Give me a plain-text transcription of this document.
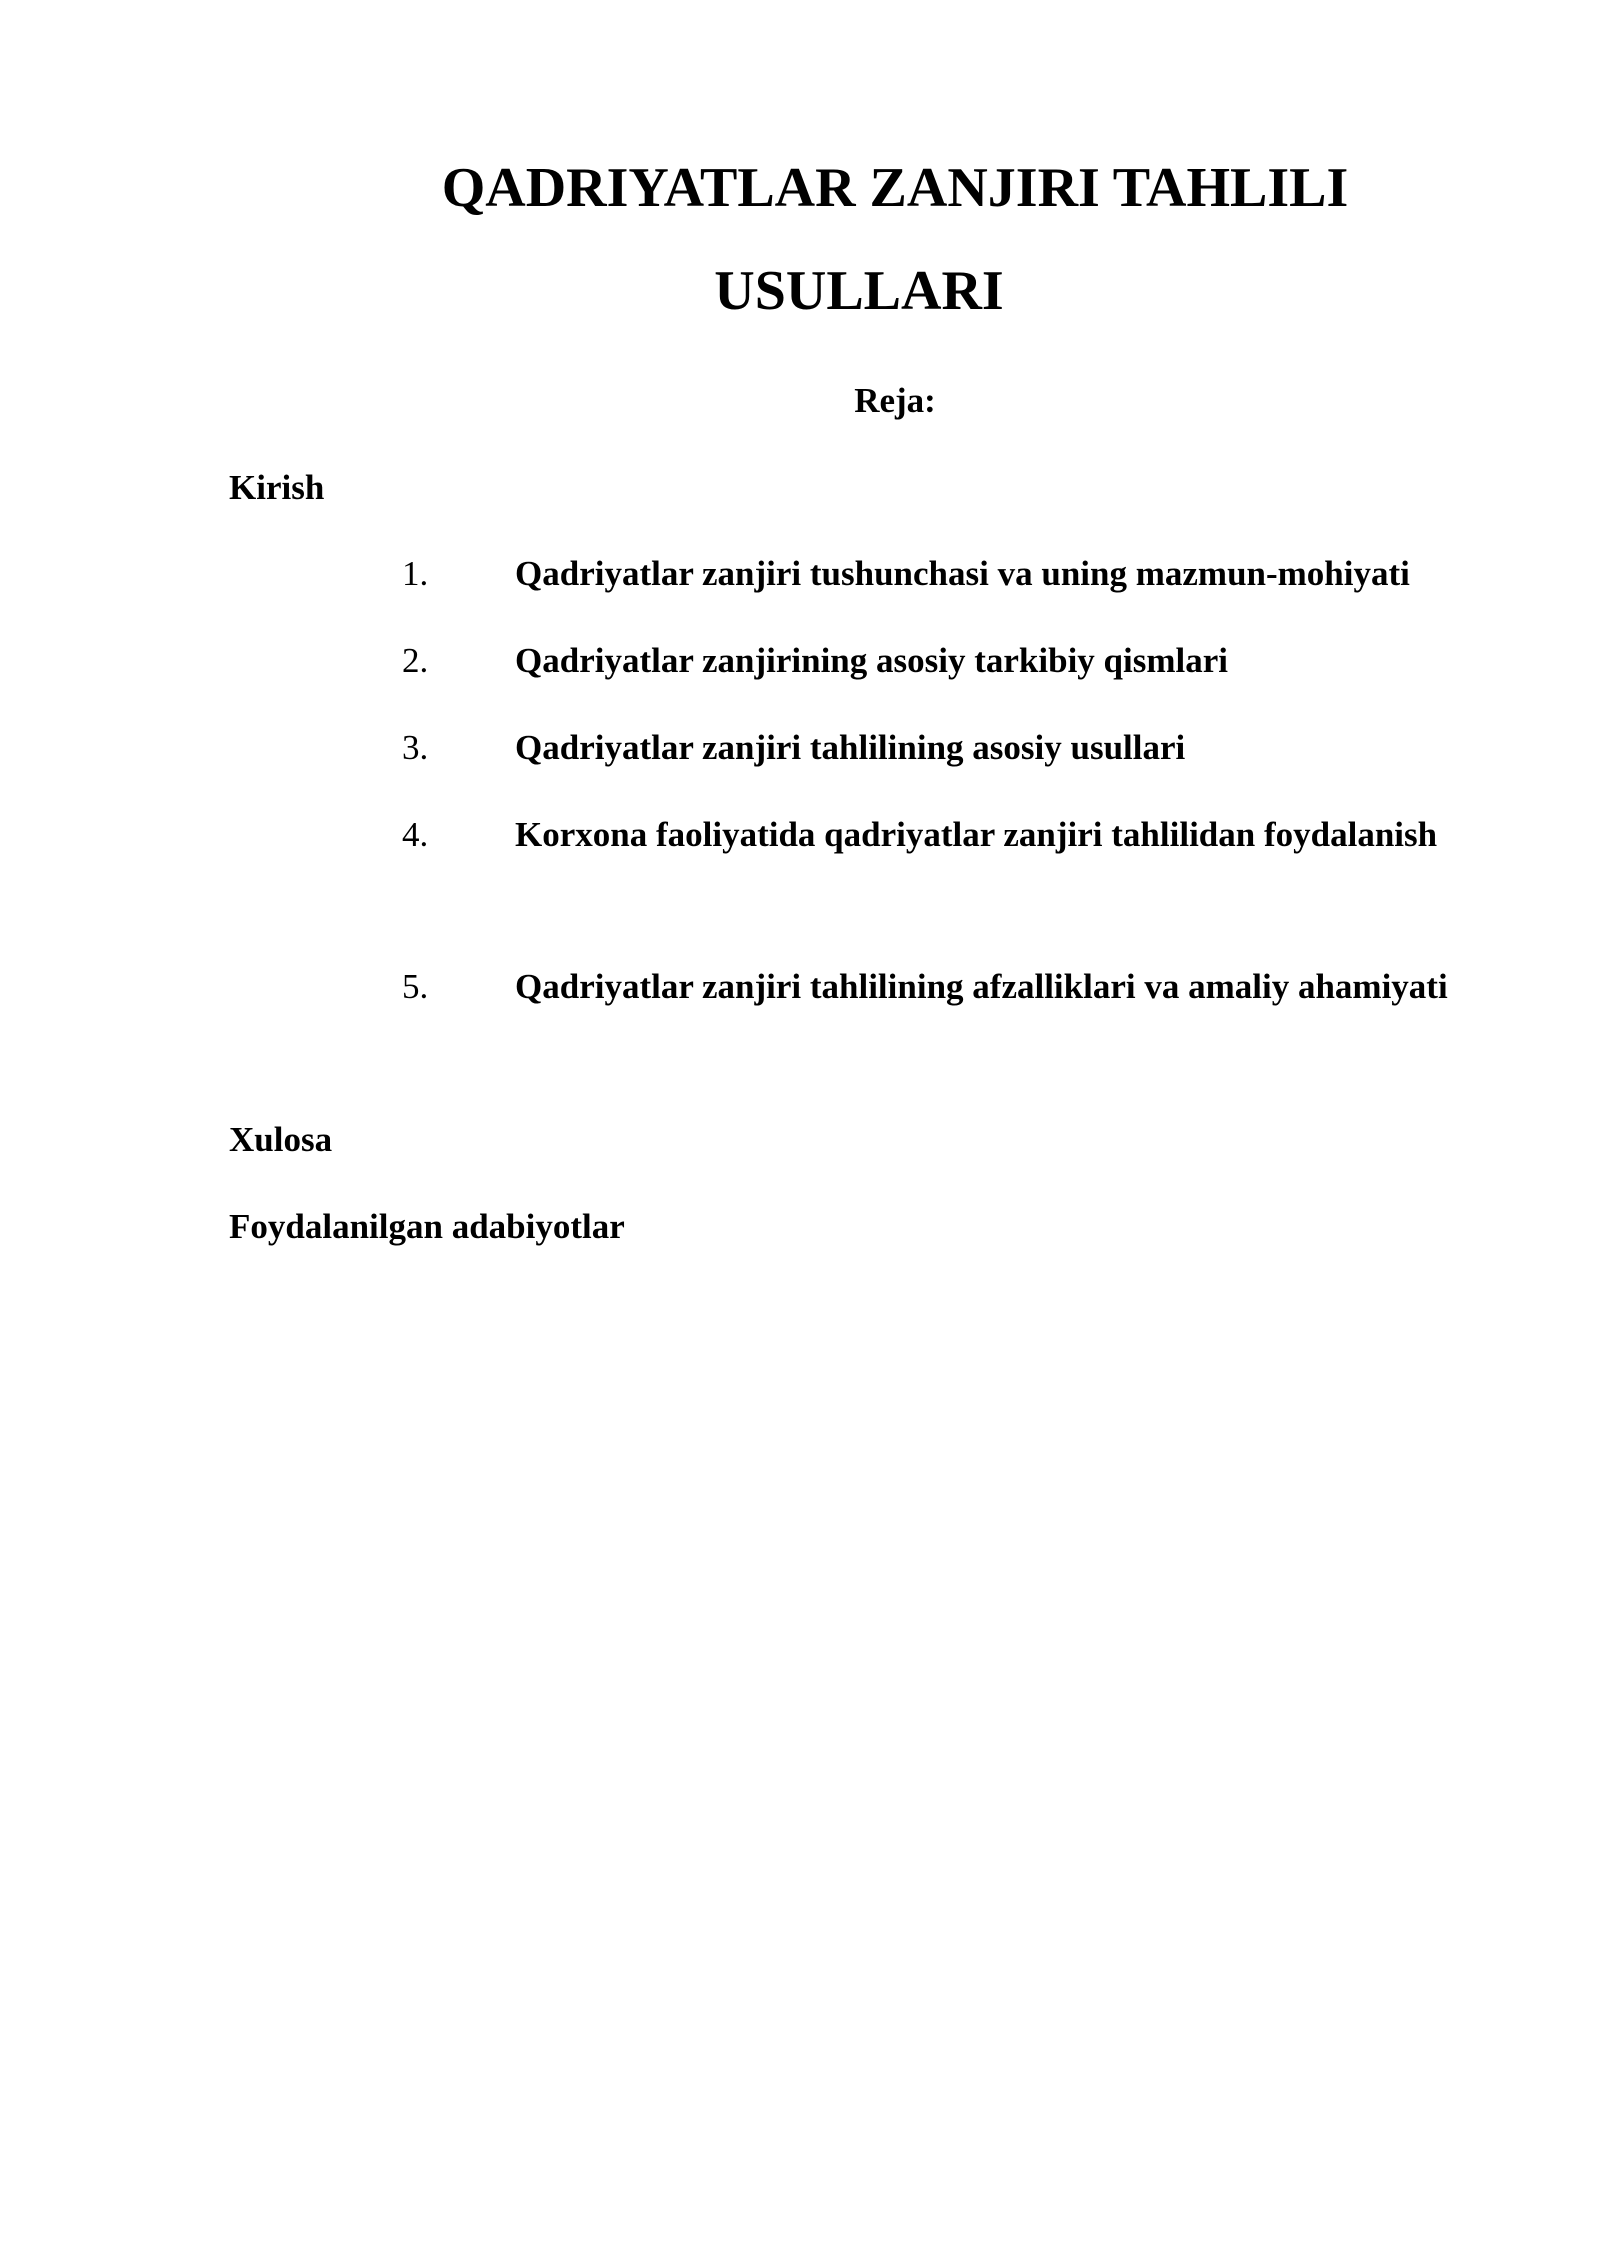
QADRIYATLAR ZANJIRI TAHLILI
USULLARI
Reja:
Kirish
1.	Qadriyatlar zanjiri tushunchasi va uning mazmun-mohiyati
2.	Qadriyatlar zanjirining asosiy tarkibiy qismlari
3.	Qadriyatlar zanjiri tahlilining asosiy usullari
4.	Korxona faoliyatida qadriyatlar zanjiri tahlilidan foydalanish
5.	Qadriyatlar zanjiri tahlilining afzalliklari va amaliy ahamiyati
Xulosa
Foydalanilgan adabiyotlar
